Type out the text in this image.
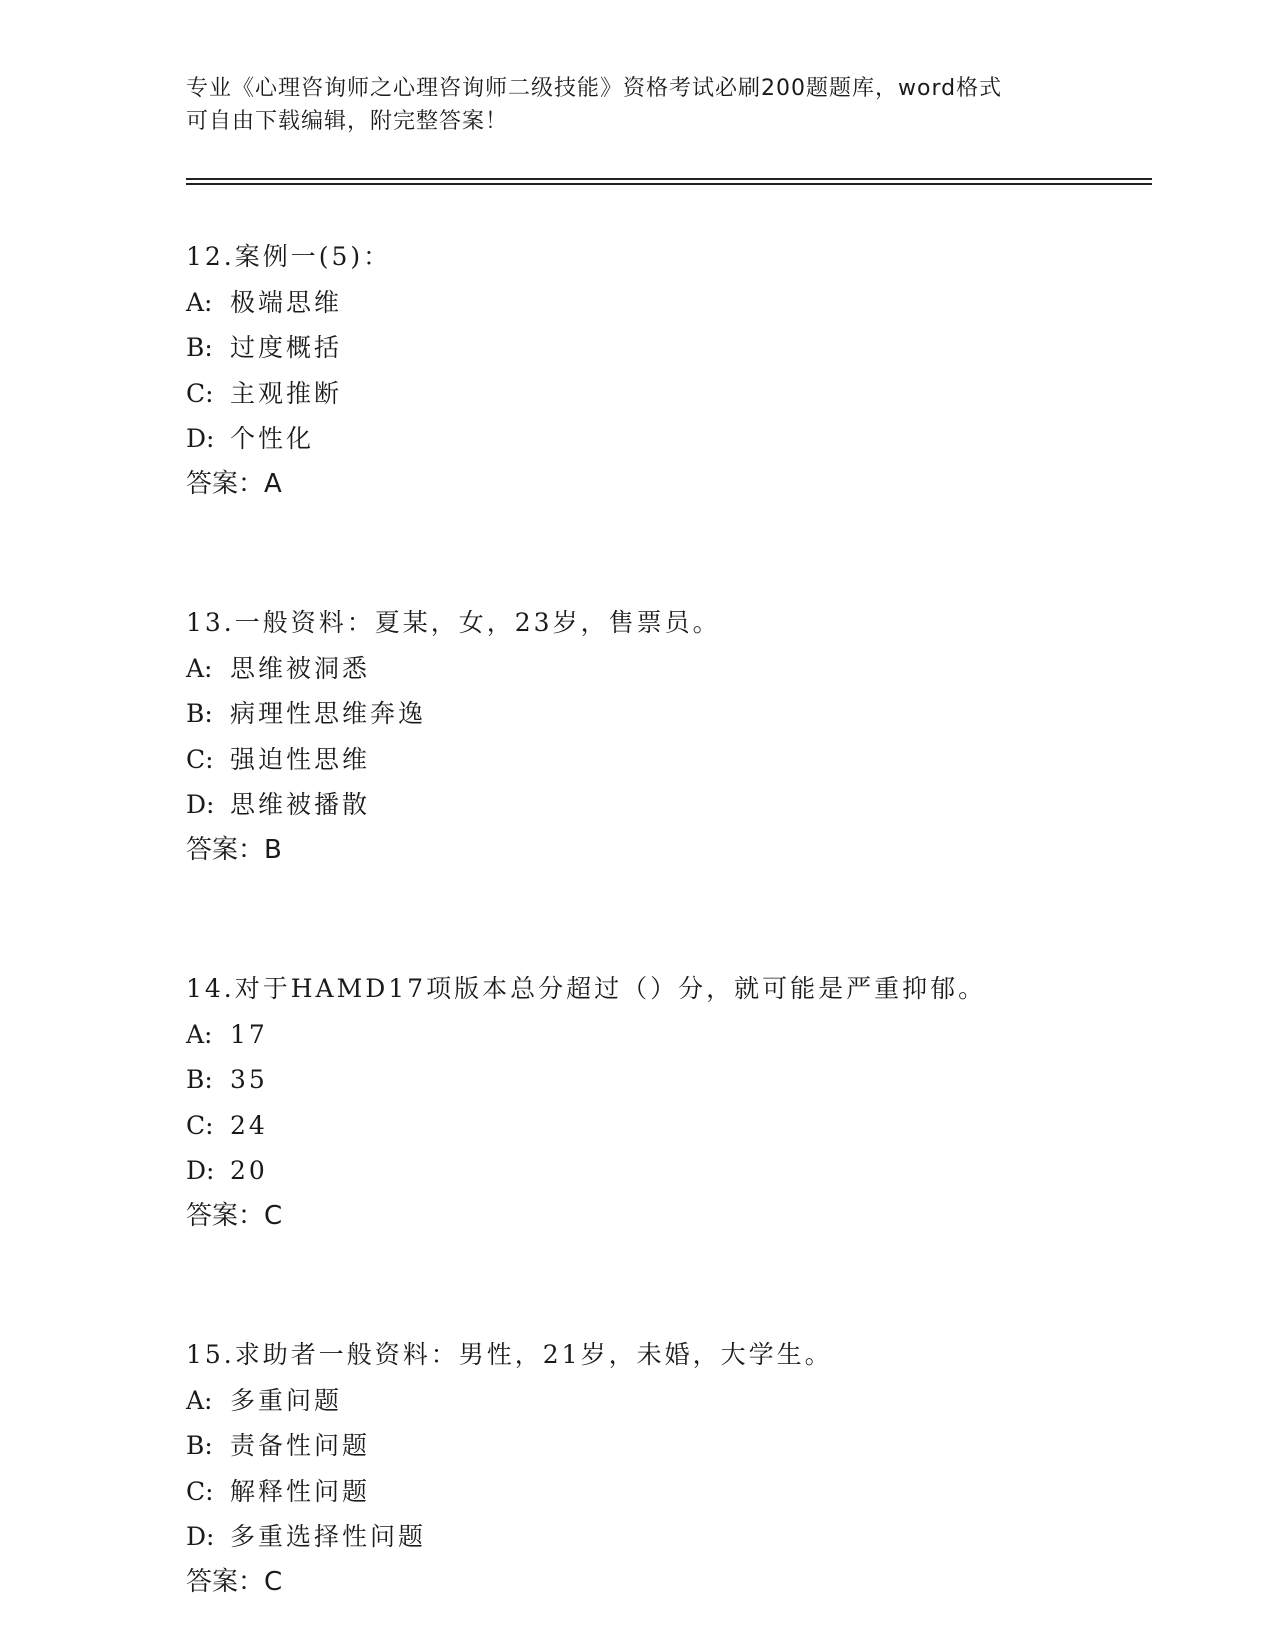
专业《心理咨询师之心理咨询师二级技能》资格考试必刷200题题库，word格式
可自由下载编辑，附完整答案！
12.案例一(5)：
A: 极端思维
B: 过度概括
C: 主观推断
D: 个性化
答案：A
13.一般资料：夏某，女，23岁，售票员。
A: 思维被洞悉
B: 病理性思维奔逸
C: 强迫性思维
D: 思维被播散
答案：B
14.对于HAMD17项版本总分超过（）分，就可能是严重抑郁。
A: 17
B: 35
C: 24
D: 20
答案：C
15.求助者一般资料：男性，21岁，未婚，大学生。
A: 多重问题
B: 责备性问题
C: 解释性问题
D: 多重选择性问题
答案：C
